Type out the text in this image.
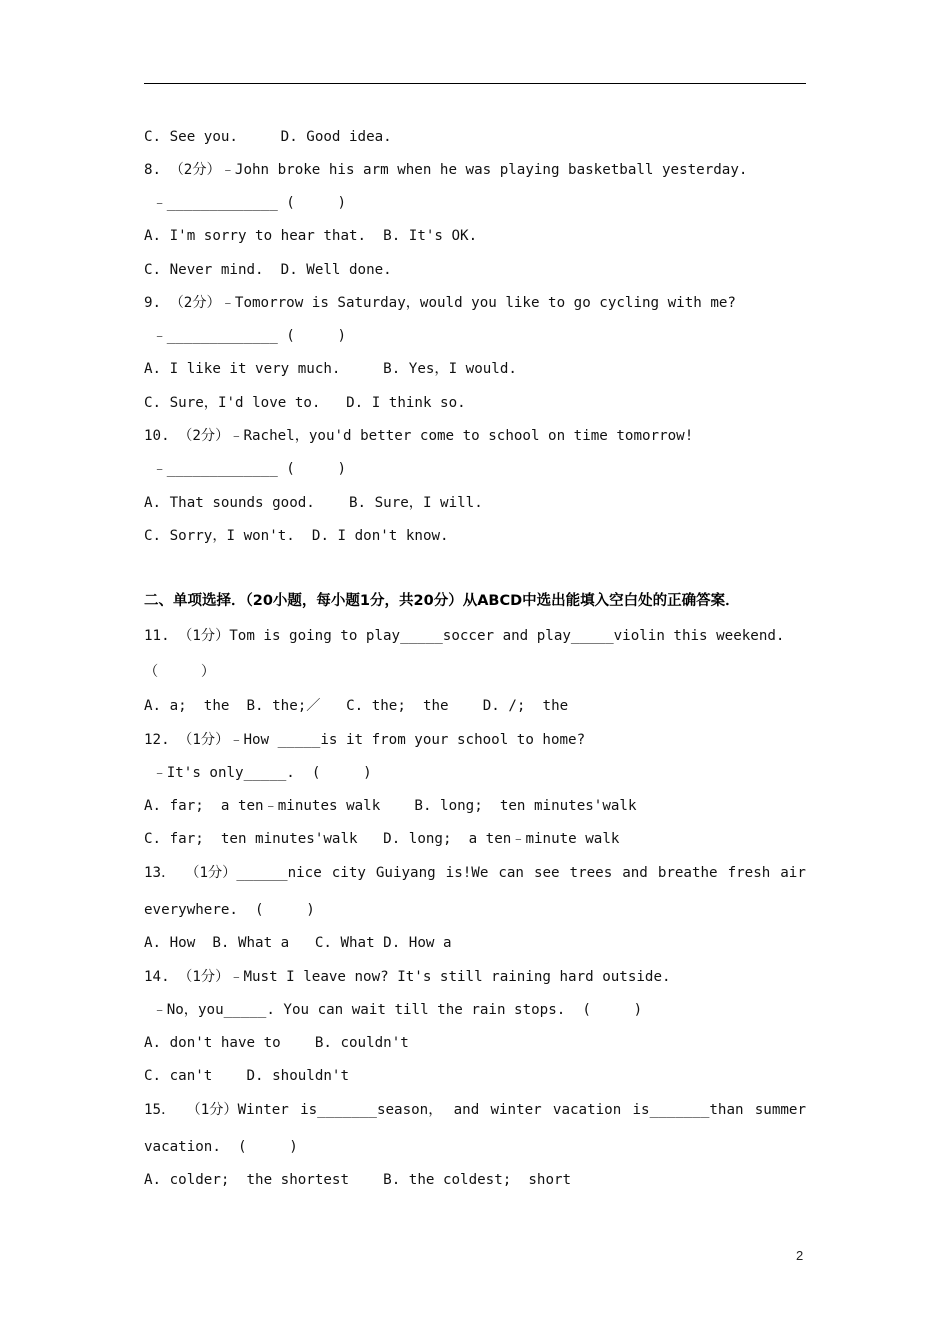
C. See you.     D. Good idea.
8. （2分）﹣John broke his arm when he was playing basketball yesterday.
﹣_____________ (     )
A. I'm sorry to hear that.  B. It's OK.
C. Never mind.  D. Well done.
9. （2分）﹣Tomorrow is Saturday，would you like to go cycling with me?
﹣_____________ (     )
A. I like it very much.     B. Yes，I would.
C. Sure，I'd love to.   D. I think so.
10. （2分）﹣Rachel，you'd better come to school on time tomorrow!
﹣_____________ (     )
A. That sounds good.    B. Sure，I will.
C. Sorry，I won't.  D. I don't know.
二、单项选择．（20小题，每小题1分，共20分）从ABCD中选出能填入空白处的正确答案．
11. （1分）Tom is going to play_____soccer and play_____violin this weekend.
（     ）
A. a;  the  B. the;／   C. the;  the    D. /;  the
12. （1分）﹣How _____is it from your school to home?
﹣It's only_____.  (     )
A. far;  a ten﹣minutes walk    B. long;  ten minutes'walk
C. far;  ten minutes'walk   D. long;  a ten﹣minute walk
13． （1分）______nice city Guiyang is!We can see trees and breathe fresh air
everywhere.  (     )
A. How  B. What a   C. What D. How a
14. （1分）﹣Must I leave now? It's still raining hard outside.
﹣No，you_____. You can wait till the rain stops.  (     )
A. don't have to    B. couldn't
C. can't    D. shouldn't
15． （1分）Winter is_______season， and winter vacation is_______than summer
vacation.  (     )
A. colder;  the shortest    B. the coldest;  short
2
